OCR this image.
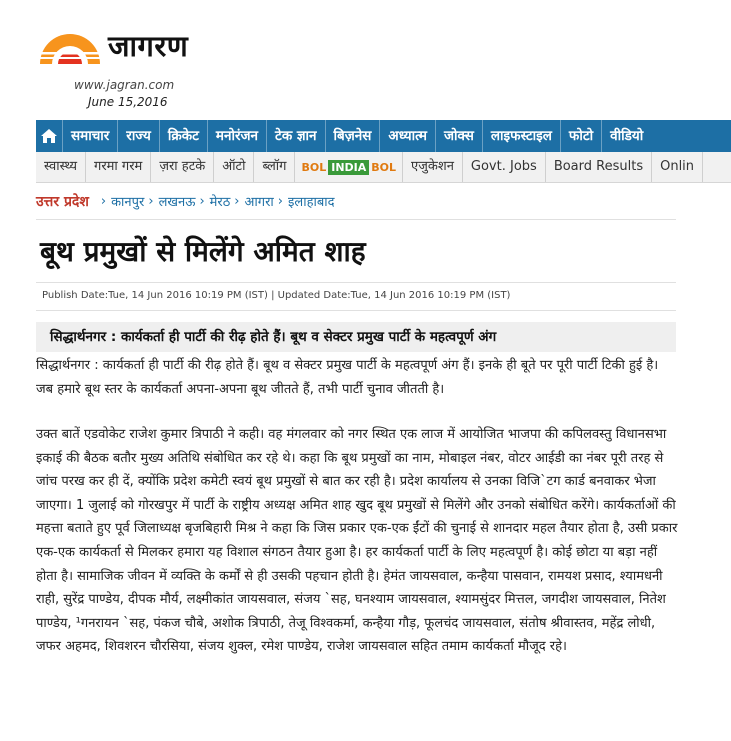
जागरण
www.jagran.com
June 15,2016
समाचार	राज्य	क्रिकेट	मनोरंजन	टेक ज्ञान	बिज़नेस	अध्यात्म	जोक्स	लाइफस्टाइल	फोटो	वीडियो
स्वास्थ्य	गरमा गरम	ज़रा हटके	ऑटो	ब्लॉग	BOL INDIA BOL	एजुकेशन	Govt. Jobs	Board Results	Onlin
उत्तर प्रदेश › कानपुर › लखनऊ › मेरठ › आगरा › इलाहाबाद
बूथ प्रमुखों से मिलेंगे अमित शाह
Publish Date:Tue, 14 Jun 2016 10:19 PM (IST) | Updated Date:Tue, 14 Jun 2016 10:19 PM (IST)
सिद्धार्थनगर : कार्यकर्ता ही पार्टी की रीढ़ होते हैं। बूथ व सेक्टर प्रमुख पार्टी के महत्वपूर्ण अंग

सिद्धार्थनगर : कार्यकर्ता ही पार्टी की रीढ़ होते हैं। बूथ व सेक्टर प्रमुख पार्टी के महत्वपूर्ण अंग हैं। इनके ही बूते पर पूरी पार्टी टिकी हुई है। जब हमारे बूथ स्तर के कार्यकर्ता अपना-अपना बूथ जीतते हैं, तभी पार्टी चुनाव जीतती है।

उक्त बातें एडवोकेट राजेश कुमार त्रिपाठी ने कही। वह मंगलवार को नगर स्थित एक लाज में आयोजित भाजपा की कपिलवस्तु विधानसभा इकाई की बैठक बतौर मुख्य अतिथि संबोधित कर रहे थे। कहा कि बूथ प्रमुखों का नाम, मोबाइल नंबर, वोटर आईडी का नंबर पूरी तरह से जांच परख कर ही दें, क्योंकि प्रदेश कमेटी स्वयं बूथ प्रमुखों से बात कर रही है। प्रदेश कार्यालय से उनका विजि`टग कार्ड बनवाकर भेजा जाएगा। 1 जुलाई को गोरखपुर में पार्टी के राष्ट्रीय अध्यक्ष अमित शाह खुद बूथ प्रमुखों से मिलेंगे और उनको संबोधित करेंगे। कार्यकर्ताओं की महत्ता बताते हुए पूर्व जिलाध्यक्ष बृजबिहारी मिश्र ने कहा कि जिस प्रकार एक-एक ईंटों की चुनाई से शानदार महल तैयार होता है, उसी प्रकार एक-एक कार्यकर्ता से मिलकर हमारा यह विशाल संगठन तैयार हुआ है। हर कार्यकर्ता पार्टी के लिए महत्वपूर्ण है। कोई छोटा या बड़ा नहीं होता है। सामाजिक जीवन में व्यक्ति के कर्मों से ही उसकी पहचान होती है। हेमंत जायसवाल, कन्हैया पासवान, रामयश प्रसाद, श्यामधनी राही, सुरेंद्र पाण्डेय, दीपक मौर्य, लक्ष्मीकांत जायसवाल, संजय `सह, घनश्याम जायसवाल, श्यामसुंदर मित्तल, जगदीश जायसवाल, नितेश पाण्डेय, ¹गनरायन `सह, पंकज चौबे, अशोक त्रिपाठी, तेजू विश्वकर्मा, कन्हैया गौड़, फूलचंद जायसवाल, संतोष श्रीवास्तव, महेंद्र लोधी, जफर अहमद, शिवशरन चौरसिया, संजय शुक्ल, रमेश पाण्डेय, राजेश जायसवाल सहित तमाम कार्यकर्ता मौजूद रहे।
